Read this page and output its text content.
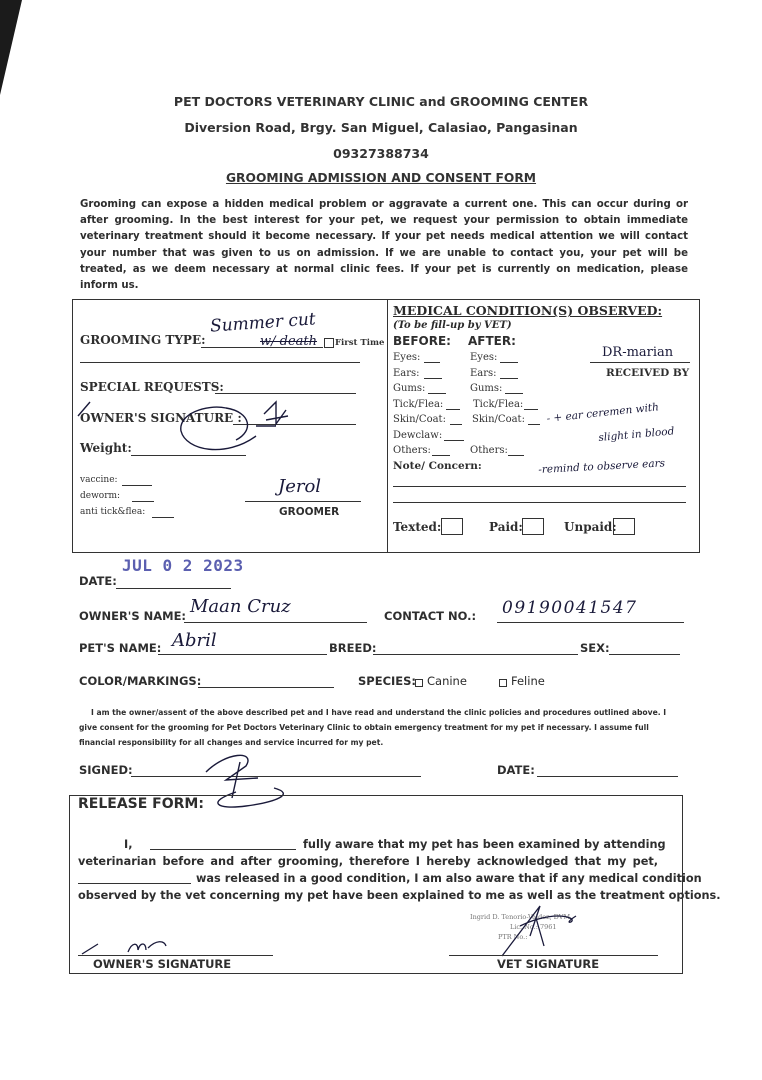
PET DOCTORS VETERINARY CLINIC and GROOMING CENTER
Diversion Road, Brgy. San Miguel, Calasiao, Pangasinan
09327388734
GROOMING ADMISSION AND CONSENT FORM
Grooming can expose a hidden medical problem or aggravate a current one. This can occur during or after grooming. In the best interest for your pet, we request your permission to obtain immediate veterinary treatment should it become necessary. If your pet needs medical attention we will contact your number that was given to us on admission. If we are unable to contact you, your pet will be treated, as we deem necessary at normal clinic fees. If your pet is currently on medication, please inform us.
Summer cut
GROOMING TYPE:	w/ death First Time
SPECIAL REQUESTS:
OWNER'S SIGNATURE :
Weight:
vaccine:
deworm:
anti tick&flea:
Jerol
GROOMER
MEDICAL CONDITION(S) OBSERVED:
(To be fill-up by VET)
BEFORE: AFTER:
Eyes:	Eyes:
Ears:	Ears:
Gums:	Gums:
Tick/Flea:	Tick/Flea:
Skin/Coat:	Skin/Coat:
Dewclaw:
Others:	Others:
DR-marian
RECEIVED BY
- + ear ceremen with
slight in blood
Note/ Concern:	-remind to observe ears
Texted:	Paid:	Unpaid:
JUL 0 2 2023
DATE:
OWNER'S NAME: Maan Cruz	CONTACT NO.: 09190041547
PET'S NAME: Abril	BREED:	SEX:
COLOR/MARKINGS:	SPECIES: Canine	Feline
I am the owner/assent of the above described pet and I have read and understand the clinic policies and procedures outlined above. I give consent for the grooming for Pet Doctors Veterinary Clinic to obtain emergency treatment for my pet if necessary. I assume full financial responsibility for all changes and service incurred for my pet.
SIGNED:	DATE:
RELEASE FORM:
I,	fully aware that my pet has been examined by attending
veterinarian before and after grooming, therefore I hereby acknowledged that my pet,
was released in a good condition, I am also aware that if any medical condition
observed by the vet concerning my pet have been explained to me as well as the treatment options.
Ingrid D. Tenorio-Valdez, DVM
Lic. No.: 7961
PTR No.:
OWNER'S SIGNATURE	VET SIGNATURE
